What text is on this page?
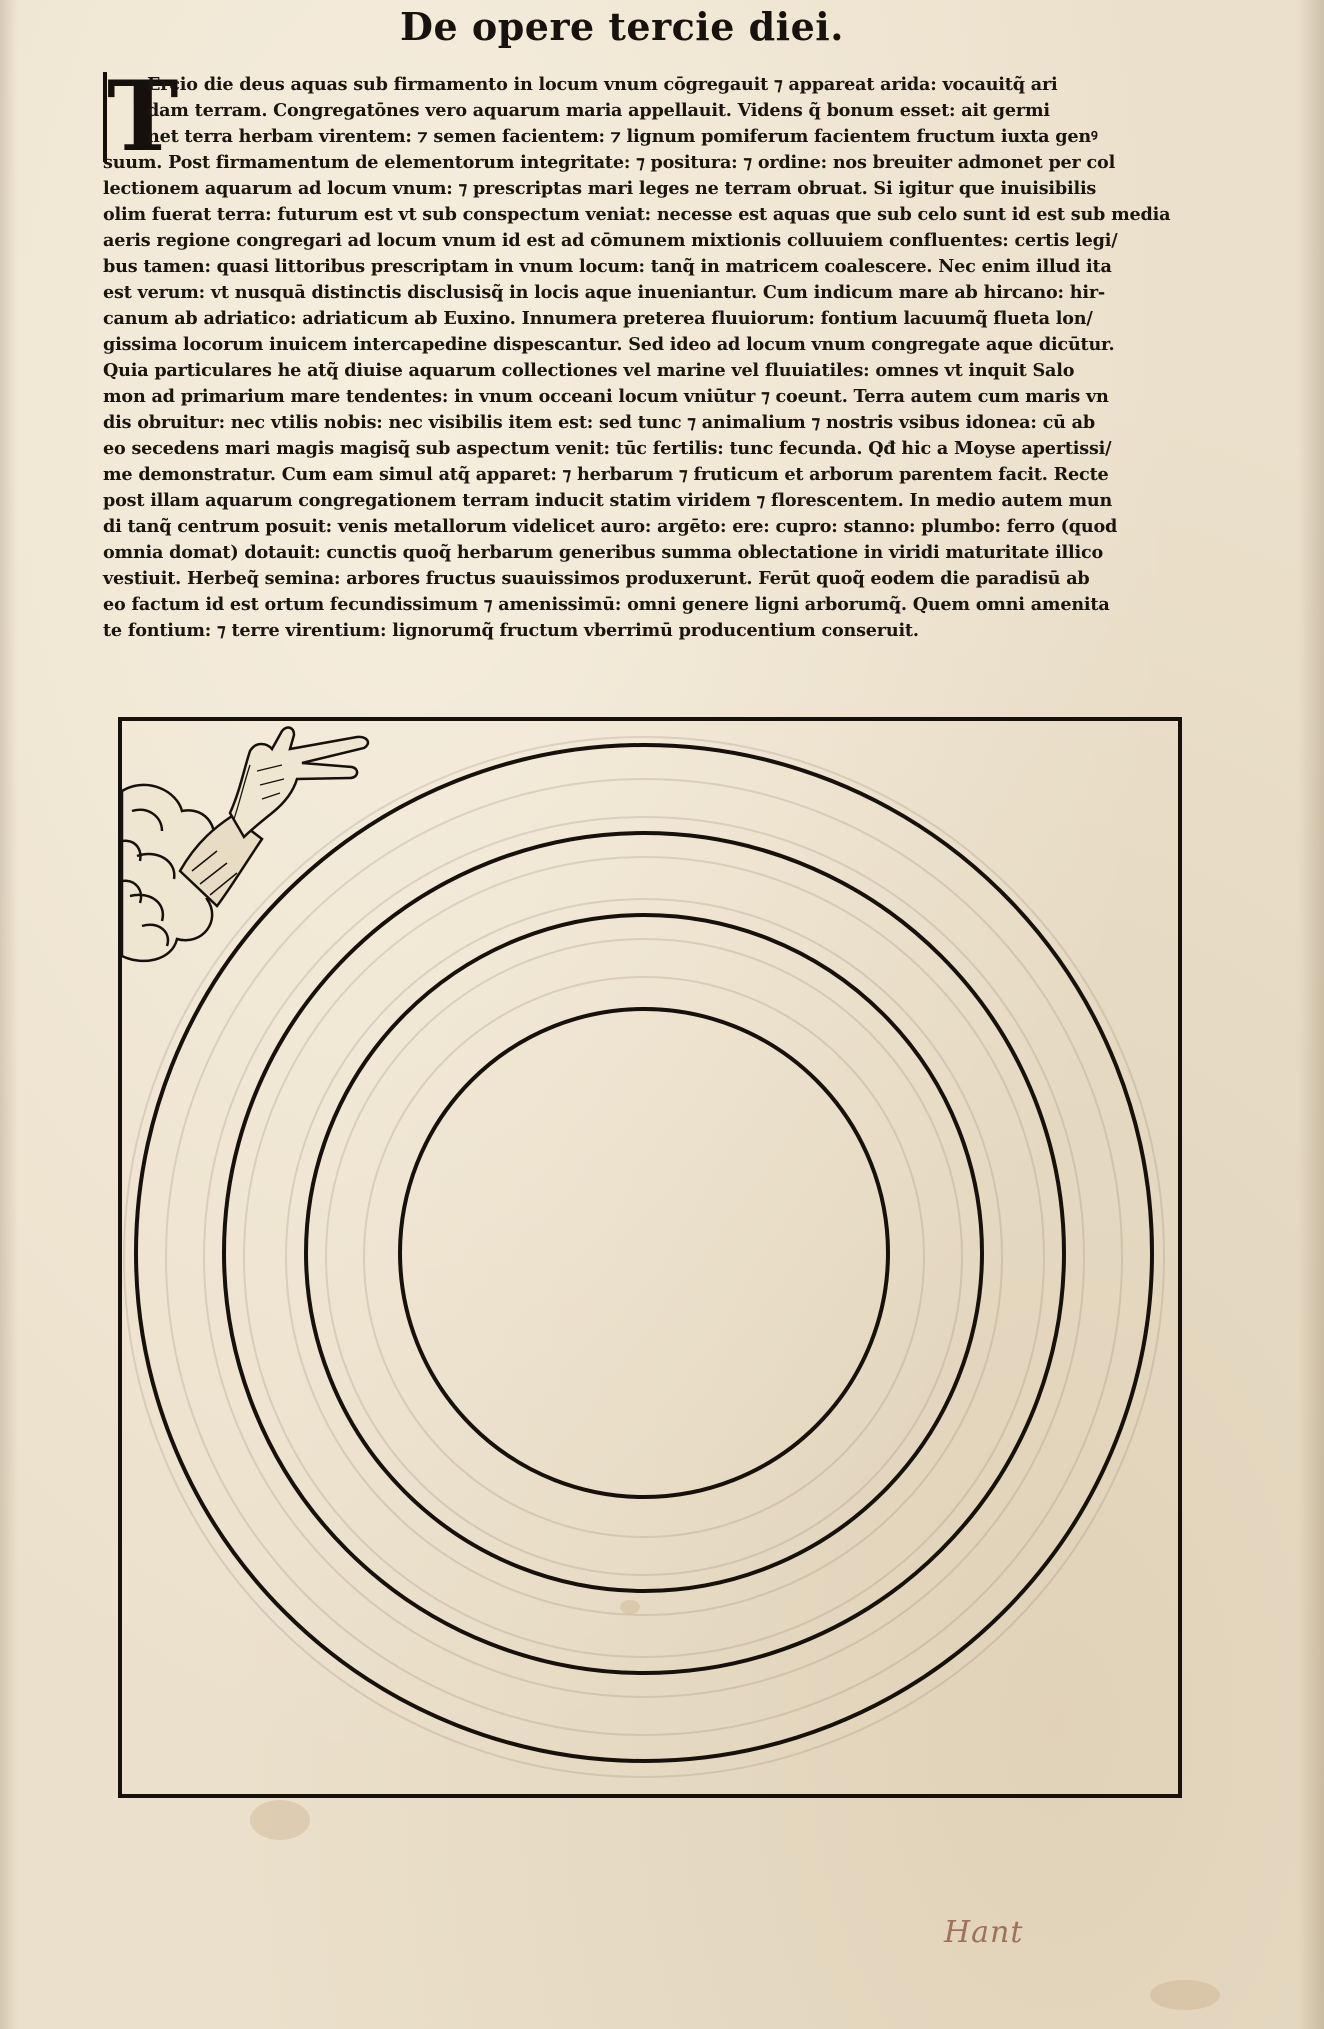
De opere tercie diei.
T
Ercio die deus aquas sub firmamento in locum vnum cōgregauit ⁊ appareat arida: vocauitq̃ ari
dam terram. Congregatōnes vero aquarum maria appellauit. Videns q̃ bonum esset: ait germi
net terra herbam virentem: ⁊ semen facientem: ⁊ lignum pomiferum facientem fructum iuxta genꝰ
suum. Post firmamentum de elementorum integritate: ⁊ positura: ⁊ ordine: nos breuiter admonet per col
lectionem aquarum ad locum vnum: ⁊ prescriptas mari leges ne terram obruat. Si igitur que inuisibilis
olim fuerat terra: futurum est vt sub conspectum veniat: necesse est aquas que sub celo sunt id est sub media
aeris regione congregari ad locum vnum id est ad cōmunem mixtionis colluuiem confluentes: certis legi/
bus tamen: quasi littoribus prescriptam in vnum locum: tanq̃ in matricem coalescere. Nec enim illud ita
est verum: vt nusquā distinctis disclusisq̃ in locis aque inueniantur. Cum indicum mare ab hircano: hir-
canum ab adriatico: adriaticum ab Euxino. Innumera preterea fluuiorum: fontium lacuumq̃ flueta lon/
gissima locorum inuicem intercapedine dispescantur. Sed ideo ad locum vnum congregate aque dicūtur.
Quia particulares he atq̃ diuise aquarum collectiones vel marine vel fluuiatiles: omnes vt inquit Salo
mon ad primarium mare tendentes: in vnum occeani locum vniūtur ⁊ coeunt. Terra autem cum maris vn
dis obruitur: nec vtilis nobis: nec visibilis item est: sed tunc ⁊ animalium ⁊ nostris vsibus idonea: cū ab
eo secedens mari magis magisq̃ sub aspectum venit: tūc fertilis: tunc fecunda. Qđ hic a Moyse apertissi/
me demonstratur. Cum eam simul atq̃ apparet: ⁊ herbarum ⁊ fruticum et arborum parentem facit. Recte
post illam aquarum congregationem terram inducit statim viridem ⁊ florescentem. In medio autem mun
di tanq̃ centrum posuit: venis metallorum videlicet auro: argēto: ere: cupro: stanno: plumbo: ferro (quod
omnia domat) dotauit: cunctis quoq̃ herbarum generibus summa oblectatione in viridi maturitate illico
vestiuit. Herbeq̃ semina: arbores fructus suauissimos produxerunt. Ferūt quoq̃ eodem die paradisū ab
eo factum id est ortum fecundissimum ⁊ amenissimū: omni genere ligni arborumq̃. Quem omni amenita
te fontium: ⁊ terre virentium: lignorumq̃ fructum vberrimū producentium conseruit.
Hant
